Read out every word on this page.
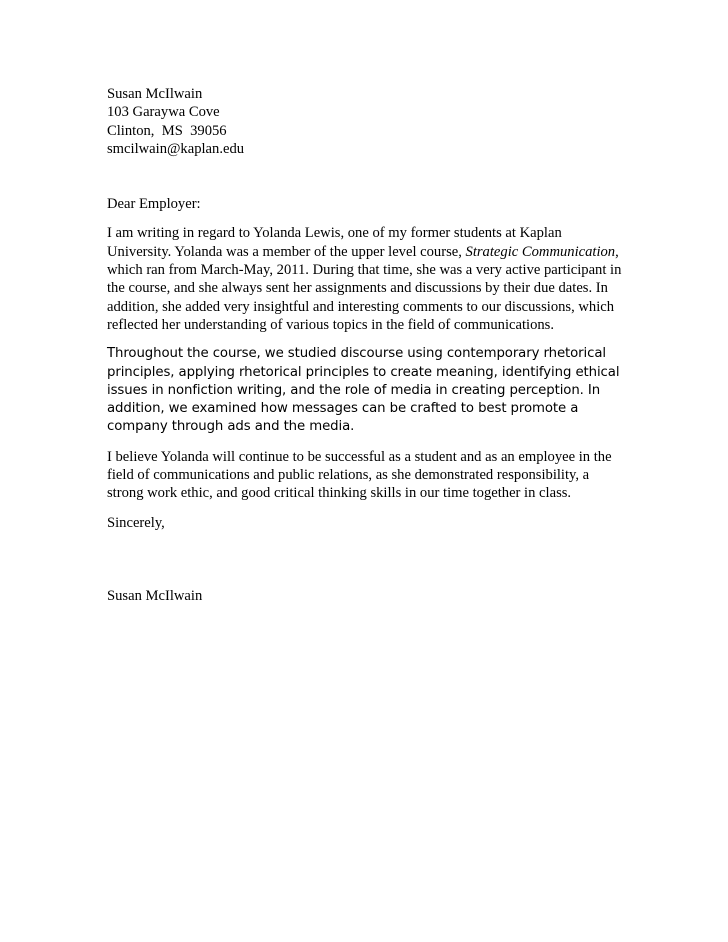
Susan McIlwain
103 Garaywa Cove
Clinton,  MS  39056
smcilwain@kaplan.edu
Dear Employer:

I am writing in regard to Yolanda Lewis, one of my former students at Kaplan University. Yolanda was a member of the upper level course, Strategic Communication, which ran from March-May, 2011. During that time, she was a very active participant in the course, and she always sent her assignments and discussions by their due dates. In addition, she added very insightful and interesting comments to our discussions, which reflected her understanding of various topics in the field of communications.

Throughout the course, we studied discourse using contemporary rhetorical principles, applying rhetorical principles to create meaning, identifying ethical issues in nonfiction writing, and the role of media in creating perception. In addition, we examined how messages can be crafted to best promote a company through ads and the media.

I believe Yolanda will continue to be successful as a student and as an employee in the field of communications and public relations, as she demonstrated responsibility, a strong work ethic, and good critical thinking skills in our time together in class.

Sincerely,
Susan McIlwain
